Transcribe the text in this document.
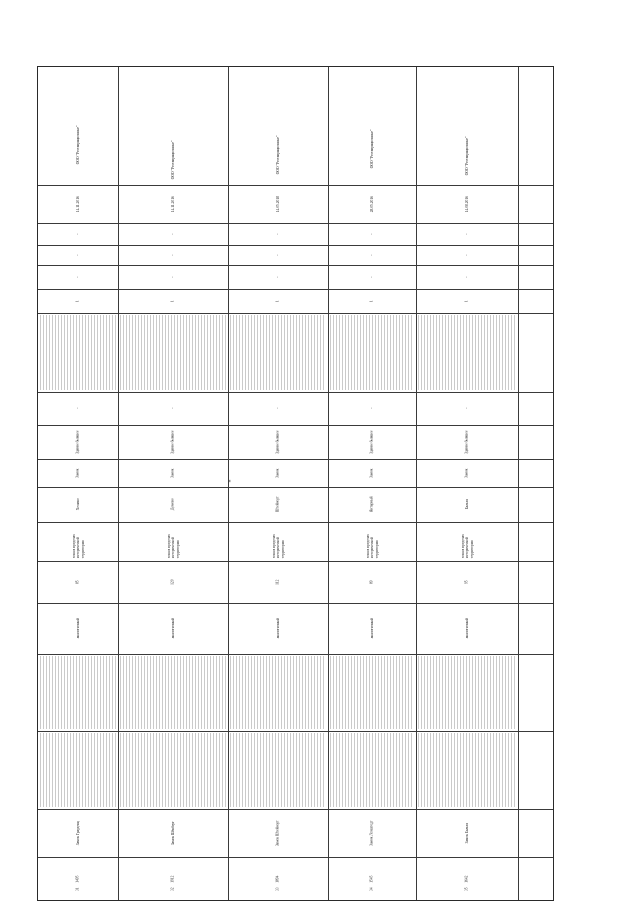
*
1495
Замок Грауденц
аналогичный
85
зона в пределах исторической территории
Хелмно
Замок
Здание бывшее
-
1
-
-
-
14.11.2016
ООО "Реставрационные"
31
1912
Замок Шёнберг
аналогичный
120
зона в пределах исторической территории
Домово
Замок
Здание бывшее
-
1
-
-
-
14.11.2016
ООО "Реставрационные"
32
1894
Замок Штейнорт
аналогичный
112
зона в пределах исторической территории
Штейнорт
Замок
Здание бывшее
-
1
-
-
-
14.05.2018
ООО "Реставрационные"
33
1545
Замок Лохштедт
аналогичный
89
зона в пределах исторической территории
Янтарный
Замок
Здание бывшее
-
1
-
-
-
28.05.2016
ООО "Реставрационные"
34
1642
Замок Бальга
аналогичный
95
зона в пределах исторической территории
Бальга
Замок
Здание бывшее
-
1
-
-
-
14.08.2016
ООО "Реставрационные"
35
